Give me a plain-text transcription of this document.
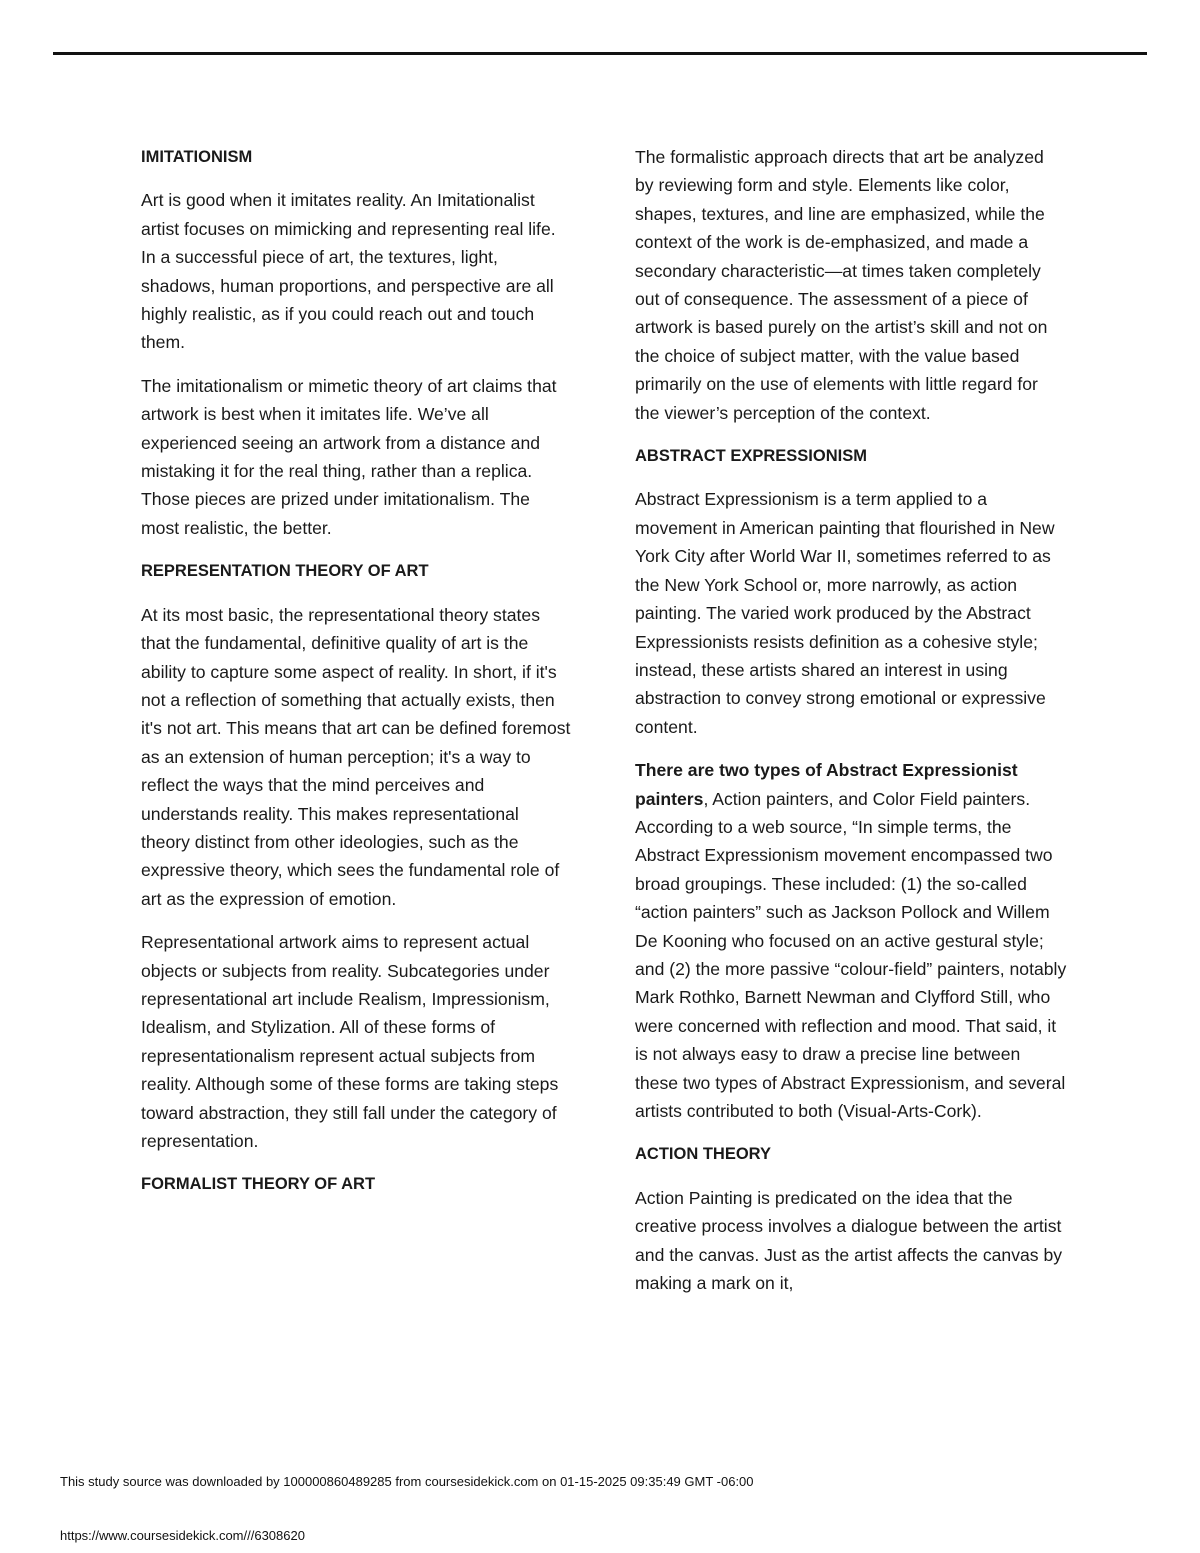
IMITATIONISM

Art is good when it imitates reality. An Imitationalist artist focuses on mimicking and representing real life. In a successful piece of art, the textures, light, shadows, human proportions, and perspective are all highly realistic, as if you could reach out and touch them.

The imitationalism or mimetic theory of art claims that artwork is best when it imitates life. We’ve all experienced seeing an artwork from a distance and mistaking it for the real thing, rather than a replica. Those pieces are prized under imitationalism. The most realistic, the better.

REPRESENTATION THEORY OF ART

At its most basic, the representational theory states that the fundamental, definitive quality of art is the ability to capture some aspect of reality. In short, if it's not a reflection of something that actually exists, then it's not art. This means that art can be defined foremost as an extension of human perception; it's a way to reflect the ways that the mind perceives and understands reality. This makes representational theory distinct from other ideologies, such as the expressive theory, which sees the fundamental role of art as the expression of emotion.

Representational artwork aims to represent actual objects or subjects from reality. Subcategories under representational art include Realism, Impressionism, Idealism, and Stylization. All of these forms of representationalism represent actual subjects from reality. Although some of these forms are taking steps toward abstraction, they still fall under the category of representation.

FORMALIST THEORY OF ART

The formalistic approach directs that art be analyzed by reviewing form and style. Elements like color, shapes, textures, and line are emphasized, while the context of the work is de-emphasized, and made a secondary characteristic—at times taken completely out of consequence. The assessment of a piece of artwork is based purely on the artist’s skill and not on the choice of subject matter, with the value based primarily on the use of elements with little regard for the viewer’s perception of the context.

ABSTRACT EXPRESSIONISM

Abstract Expressionism is a term applied to a movement in American painting that flourished in New York City after World War II, sometimes referred to as the New York School or, more narrowly, as action painting. The varied work produced by the Abstract Expressionists resists definition as a cohesive style; instead, these artists shared an interest in using abstraction to convey strong emotional or expressive content.

There are two types of Abstract Expressionist painters, Action painters, and Color Field painters. According to a web source, “In simple terms, the Abstract Expressionism movement encompassed two broad groupings. These included: (1) the so-called “action painters” such as Jackson Pollock and Willem De Kooning who focused on an active gestural style; and (2) the more passive “colour-field” painters, notably Mark Rothko, Barnett Newman and Clyfford Still, who were concerned with reflection and mood. That said, it is not always easy to draw a precise line between these two types of Abstract Expressionism, and several artists contributed to both (Visual-Arts-Cork).

ACTION THEORY

Action Painting is predicated on the idea that the creative process involves a dialogue between the artist and the canvas. Just as the artist affects the canvas by making a mark on it,

This study source was downloaded by 100000860489285 from coursesidekick.com on 01-15-2025 09:35:49 GMT -06:00
https://www.coursesidekick.com///6308620
